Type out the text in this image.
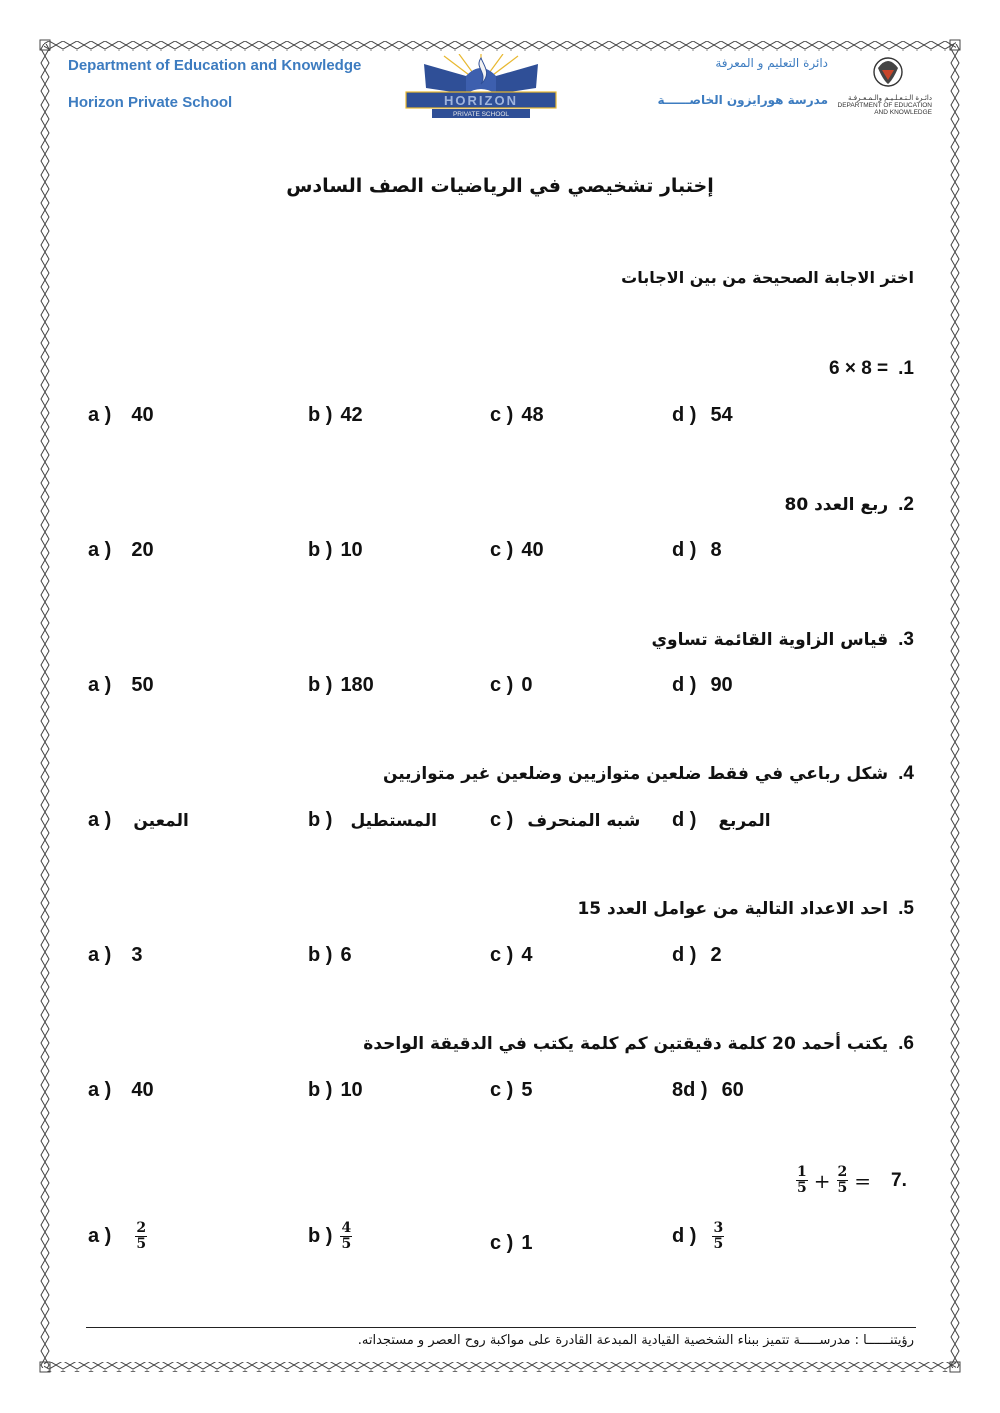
Department of Education and Knowledge
Horizon Private School
دائرة التعليم و المعرفة
مدرسة هورايزون الخاصــــــة
HORIZON
PRIVATE SCHOOL
دائـرة الـتـعـلـيـم والـمـعـرفـة
DEPARTMENT OF EDUCATION
AND KNOWLEDGE
إختبار تشخيصي في الرياضيات الصف السادس
اختر الاجابة الصحيحة من بين الاجابات
1.6 × 8 =
a ) 40	b ) 42	c ) 48	d ) 54
2.ربع العدد 80
a ) 20	b ) 10	c ) 40	d ) 8
3.قياس الزاوية القائمة تساوي
a ) 50	b ) 180	c ) 0	d ) 90
4.شكل رباعي في فقط ضلعين متوازيين وضلعين غير متوازيين
a ) المعين	b ) المستطيل	c ) شبه المنحرف d ) المربع
5.احد الاعداد التالية من عوامل العدد 15
a ) 3	b ) 6	c ) 4	d ) 2
6.يكتب أحمد 20 كلمة دقيقتين كم كلمة يكتب في الدقيقة الواحدة
a ) 40	b ) 10	c ) 5	8d ) 60
$\frac{1}{5} + \frac{2}{5} = 7$.
a ) $\frac{2}{5}$	b ) $\frac{4}{5}$	c ) 1	d ) $\frac{3}{5}$
رؤيتنــــــا : مدرســـــة تتميز ببناء الشخصية القيادية المبدعة القادرة على مواكبة روح العصر و مستجداته.
